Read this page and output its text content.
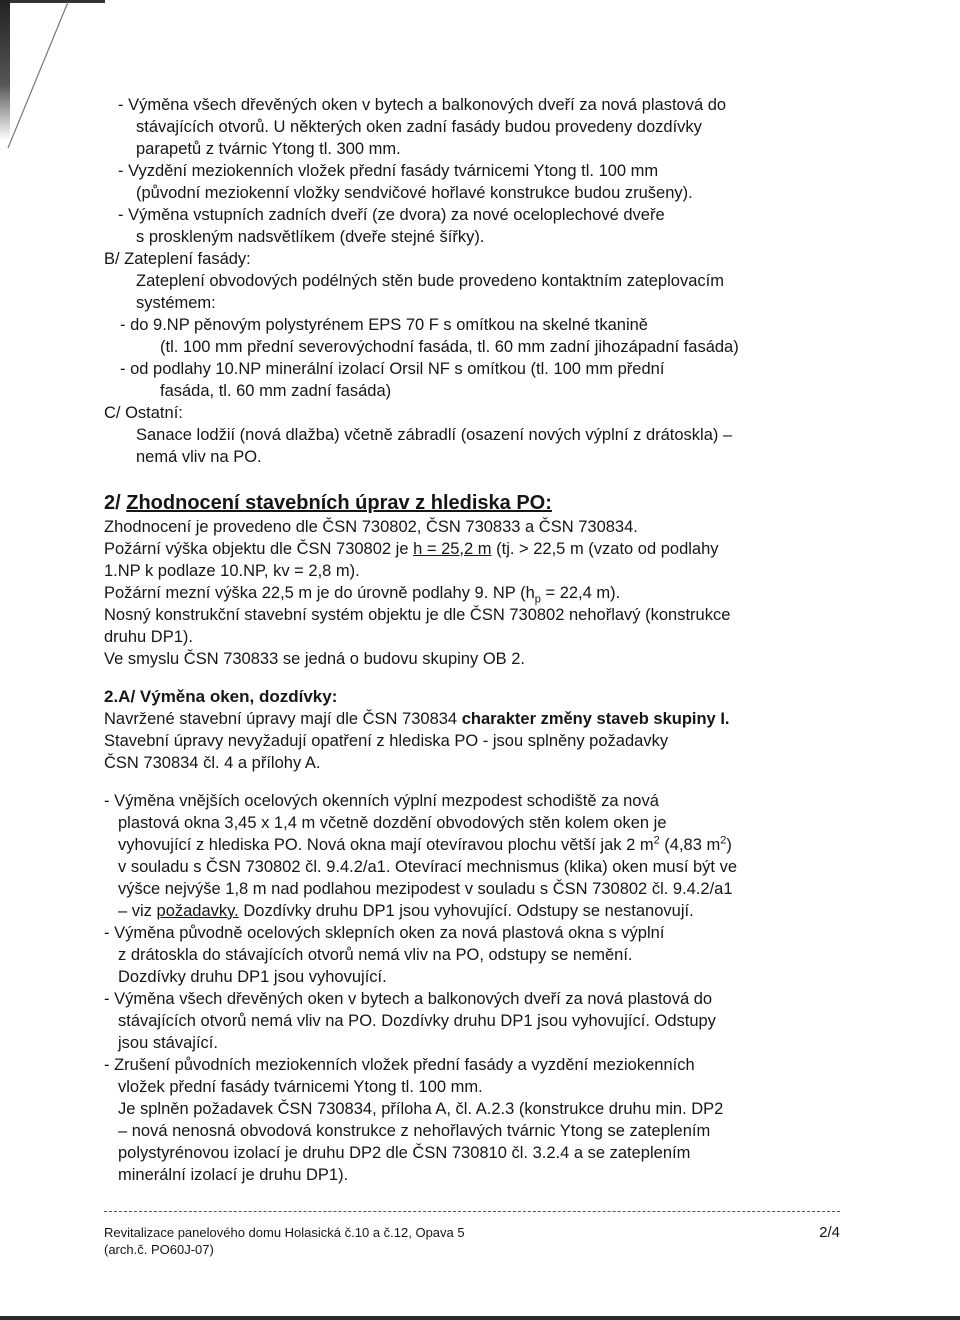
- Výměna všech dřevěných oken v bytech a balkonových dveří za nová plastová do
stávajících otvorů. U některých oken zadní fasády budou provedeny dozdívky
parapetů z tvárnic Ytong tl. 300 mm.
- Vyzdění meziokenních vložek přední fasády tvárnicemi Ytong tl. 100 mm
(původní meziokenní vložky sendvičové hořlavé konstrukce budou zrušeny).
- Výměna vstupních zadních dveří (ze dvora) za nové oceloplechové dveře
s proskleným nadsvětlíkem (dveře stejné šířky).
B/ Zateplení fasády:
Zateplení obvodových podélných stěn bude provedeno kontaktním zateplovacím
systémem:
- do 9.NP pěnovým polystyrénem EPS 70 F s omítkou na skelné tkanině
(tl. 100 mm přední severovýchodní fasáda, tl. 60 mm zadní jihozápadní fasáda)
- od podlahy 10.NP minerální izolací Orsil NF s omítkou (tl. 100 mm přední
fasáda, tl. 60 mm zadní fasáda)
C/ Ostatní:
Sanace lodžií (nová dlažba) včetně zábradlí (osazení nových výplní z drátoskla) –
nemá vliv na PO.
2/ Zhodnocení stavebních úprav z hlediska PO:
Zhodnocení je provedeno dle ČSN 730802, ČSN 730833 a ČSN 730834.
Požární výška objektu dle ČSN 730802 je h = 25,2 m (tj. > 22,5 m (vzato od podlahy
1.NP k podlaze 10.NP, kv = 2,8 m).
Požární mezní výška 22,5 m je do úrovně podlahy 9. NP ($h_p = 22,4$ m).
Nosný konstrukční stavební systém objektu je dle ČSN 730802 nehořlavý (konstrukce
druhu DP1).
Ve smyslu ČSN 730833 se jedná o budovu skupiny OB 2.
2.A/ Výměna oken, dozdívky:
Navržené stavební úpravy mají dle ČSN 730834 charakter změny staveb skupiny I.
Stavební úpravy nevyžadují opatření z hlediska PO - jsou splněny požadavky
ČSN 730834 čl. 4 a přílohy A.
- Výměna vnějších ocelových okenních výplní mezpodest schodiště za nová
plastová okna 3,45 x 1,4 m včetně dozdění obvodových stěn kolem oken je
vyhovující z hlediska PO. Nová okna mají otevíravou plochu větší jak 2 $m^2$ (4,83 $m^2$)
v souladu s ČSN 730802 čl. 9.4.2/a1. Otevírací mechnismus (klika) oken musí být ve
výšce nejvýše 1,8 m nad podlahou mezipodest v souladu s ČSN 730802 čl. 9.4.2/a1
– viz požadavky. Dozdívky druhu DP1 jsou vyhovující. Odstupy se nestanovují.
- Výměna původně ocelových sklepních oken za nová plastová okna s výplní
z drátoskla do stávajících otvorů nemá vliv na PO, odstupy se nemění.
Dozdívky druhu DP1 jsou vyhovující.
- Výměna všech dřevěných oken v bytech a balkonových dveří za nová plastová do
stávajících otvorů nemá vliv na PO. Dozdívky druhu DP1 jsou vyhovující. Odstupy
jsou stávající.
- Zrušení původních meziokenních vložek přední fasády a vyzdění meziokenních
vložek přední fasády tvárnicemi Ytong tl. 100 mm.
Je splněn požadavek ČSN 730834, příloha A, čl. A.2.3 (konstrukce druhu min. DP2
– nová nenosná obvodová konstrukce z nehořlavých tvárnic Ytong se zateplením
polystyrénovou izolací je druhu DP2 dle ČSN 730810 čl. 3.2.4 a se zateplením
minerální izolací je druhu DP1).
Revitalizace panelového domu Holasická č.10 a č.12, Opava 5
(arch.č. PO60J-07)
2/4
